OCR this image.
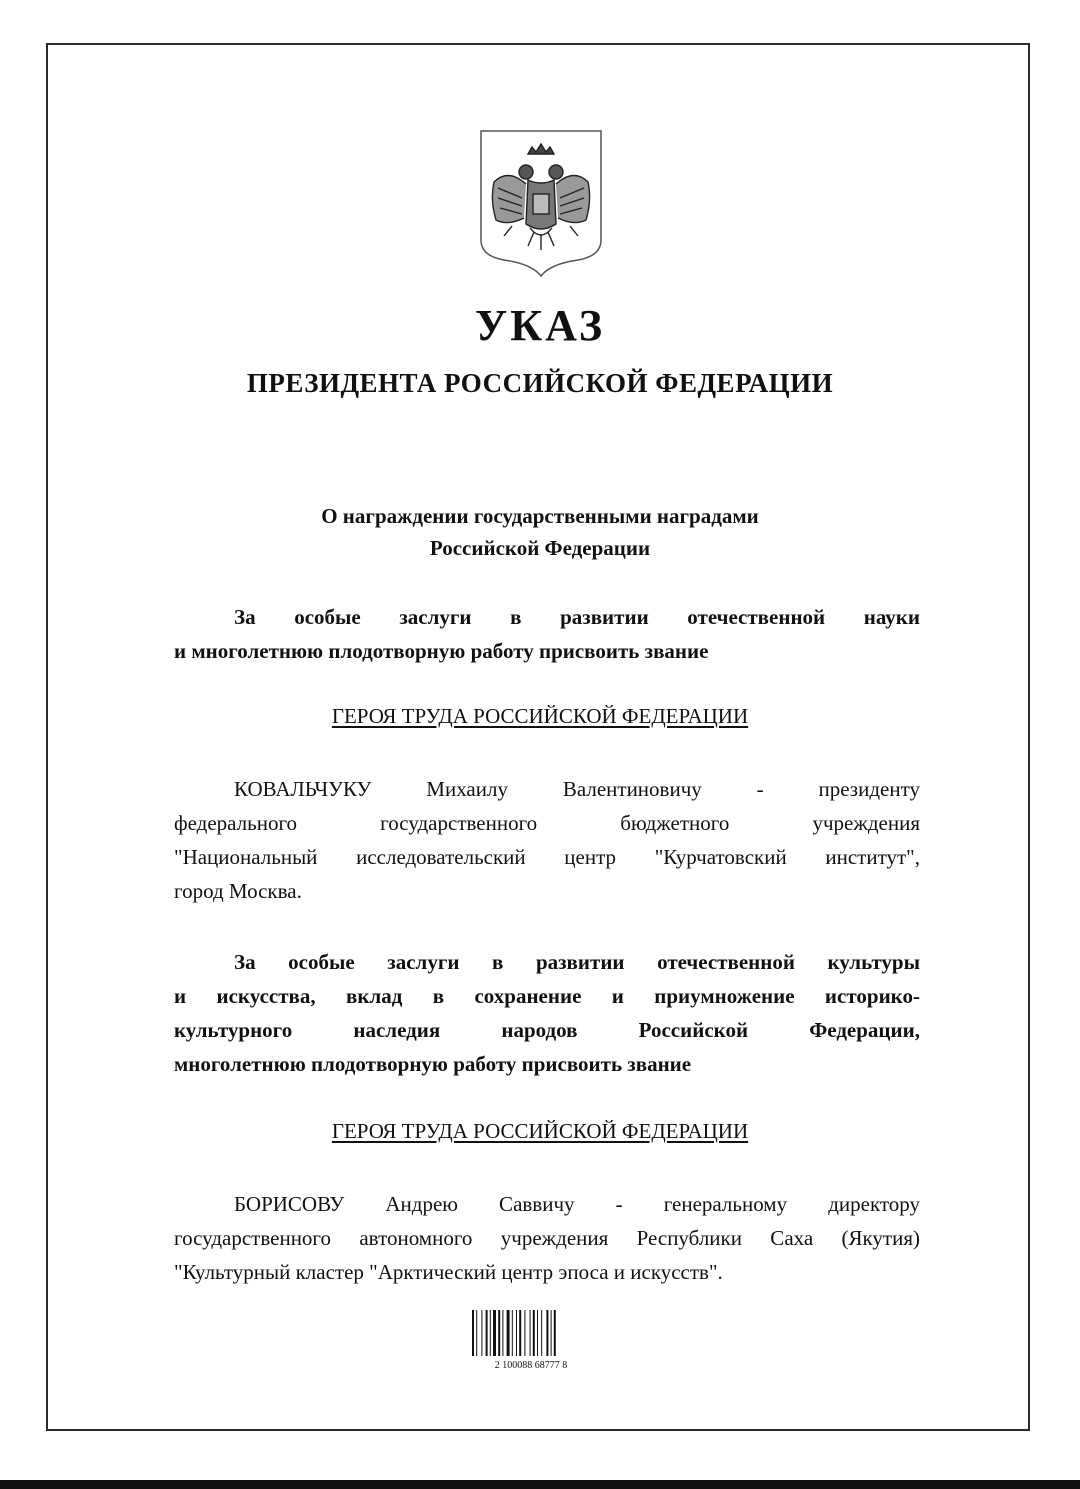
УКАЗ
ПРЕЗИДЕНТА РОССИЙСКОЙ ФЕДЕРАЦИИ
О награждении государственными наградами
Российской Федерации
За особые заслуги в развитии отечественной науки
и многолетнюю плодотворную работу присвоить звание
ГЕРОЯ ТРУДА РОССИЙСКОЙ ФЕДЕРАЦИИ
КОВАЛЬЧУКУ Михаилу Валентиновичу - президенту
федерального государственного бюджетного учреждения
"Национальный исследовательский центр "Курчатовский институт",
город Москва.
За особые заслуги в развитии отечественной культуры
и искусства, вклад в сохранение и приумножение историко-
культурного наследия народов Российской Федерации,
многолетнюю плодотворную работу присвоить звание
ГЕРОЯ ТРУДА РОССИЙСКОЙ ФЕДЕРАЦИИ
БОРИСОВУ Андрею Саввичу - генеральному директору
государственного автономного учреждения Республики Саха (Якутия)
"Культурный кластер "Арктический центр эпоса и искусств".
2 100088 68777 8
